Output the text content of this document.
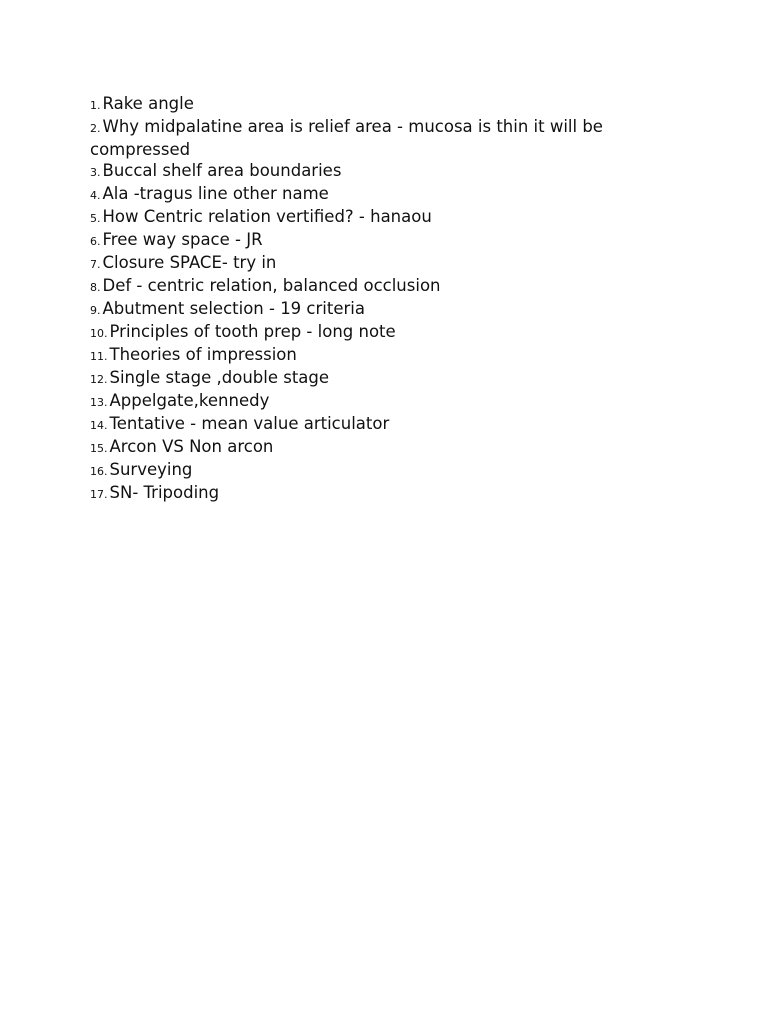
1. Rake angle
2. Why midpalatine area is relief area - mucosa is thin it will be compressed
3. Buccal shelf area boundaries
4. Ala -tragus line other name
5. How Centric relation vertified? - hanaou
6. Free way space - JR
7. Closure SPACE- try in
8. Def - centric relation, balanced occlusion
9. Abutment selection - 19 criteria
10. Principles of tooth prep - long note
11. Theories of impression
12. Single stage ,double stage
13. Appelgate,kennedy
14. Tentative - mean value articulator
15. Arcon VS Non arcon
16. Surveying
17. SN- Tripoding
